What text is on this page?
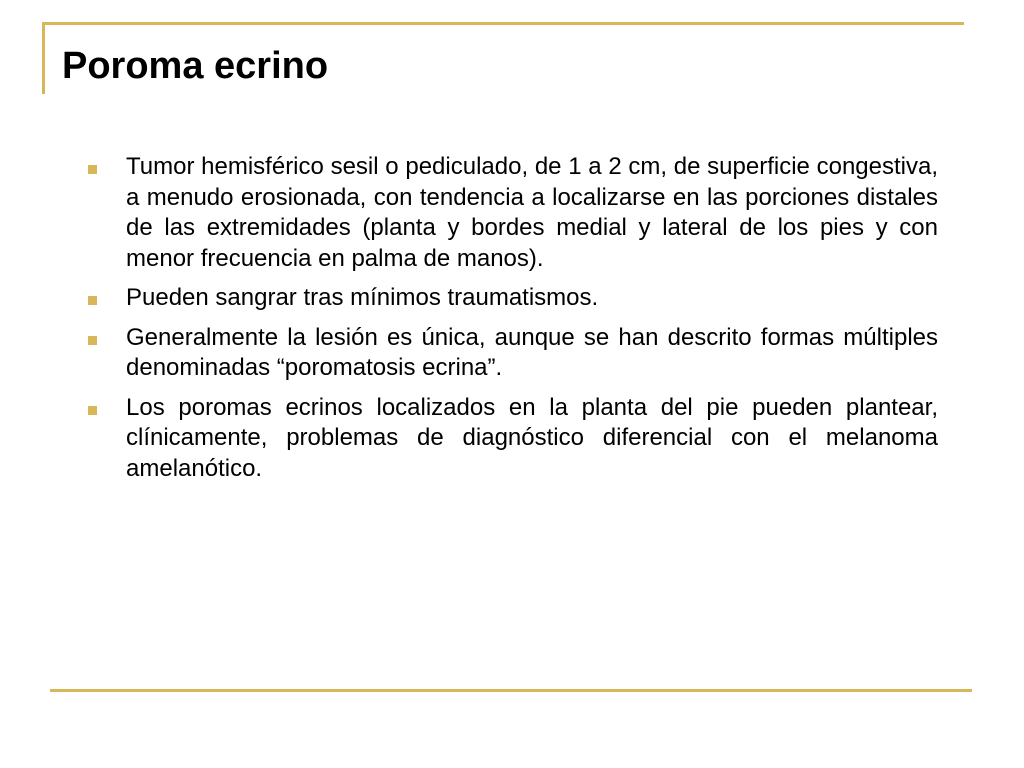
Poroma ecrino
Tumor hemisférico sesil o pediculado, de 1 a 2 cm, de superficie congestiva, a menudo erosionada, con tendencia a localizarse en las porciones distales de las extremidades (planta y bordes medial y lateral de los pies y con menor frecuencia en palma de manos).
Pueden sangrar tras mínimos traumatismos.
Generalmente la lesión es única, aunque se han descrito formas múltiples denominadas “poromatosis ecrina”.
Los poromas ecrinos localizados en la planta del pie pueden plantear, clínicamente, problemas de diagnóstico diferencial con el melanoma amelanótico.
